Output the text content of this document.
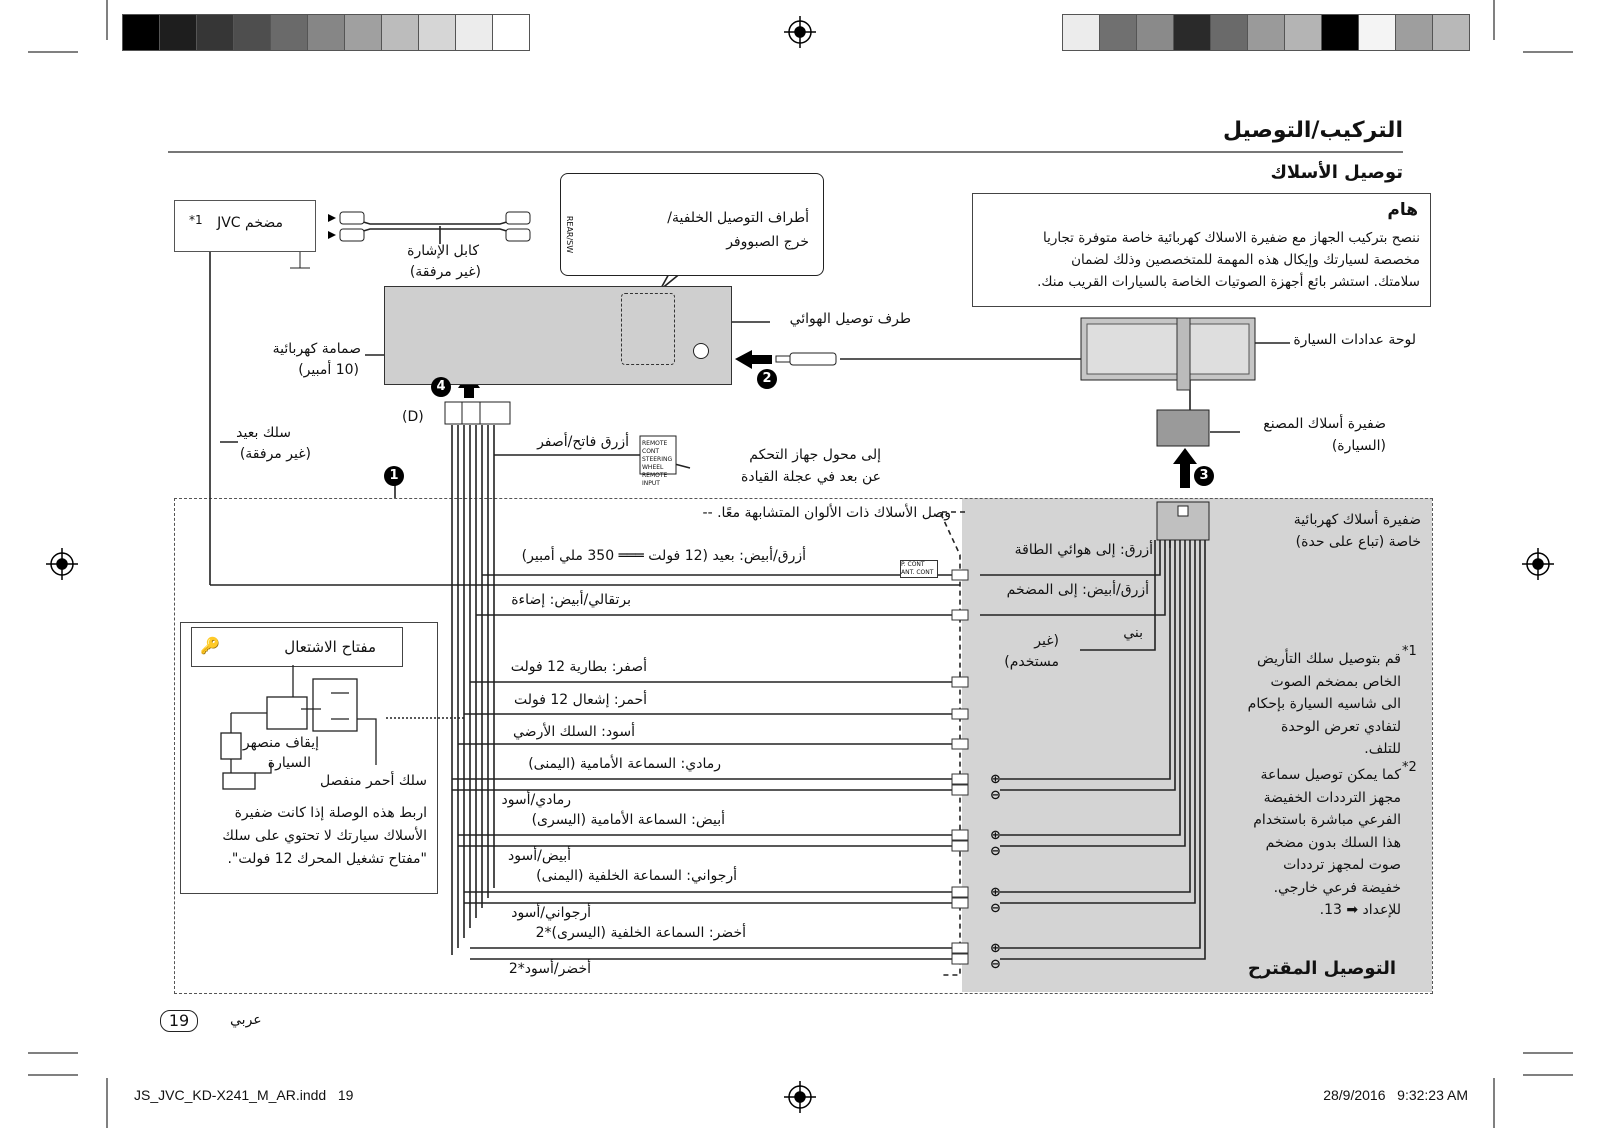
التركيب/التوصيل
توصيل الأسلاك
هام
ننصح بتركيب الجهاز مع ضفيرة الاسلاك كهربائية خاصة متوفرة تجاريا
مخصصة لسيارتك وإيكال هذه المهمة للمتخصصين وذلك لضمان
سلامتك. استشر بائع أجهزة الصوتيات الخاصة بالسيارات القريب منك.
⊕
⊖
⊕
⊖
⊕
⊖
⊕
⊖
مضخم JVC
*1	أطراف التوصيل الخلفية/
خرج الصبووفر
REAR/SW
كابل الإشارة
(غير مرفقة)
طرف توصيل الهوائي
صمامة كهربائية
(10 أمبير)
لوحة عدادات السيارة
ضفيرة أسلاك المصنع
(السيارة)
سلك بعيد
(غير مرفقة)
أزرق فاتح/أصفر
إلى محول جهاز التحكم
عن بعد في عجلة القيادة
(D)
REMOTE CONT
STEERING WHEEL REMOTE INPUT
P. CONT ANT. CONT
1
2
3
4
وصل الأسلاك ذات الألوان المتشابهة معًا. --
أزرق/أبيض: بعيد (12 فولت ═══ 350 ملي أمبير)
برتقالي/أبيض: إضاءة
أصفر: بطارية 12 فولت
أحمر: إشعال 12 فولت
أسود: السلك الأرضي
رمادي: السماعة الأمامية (اليمنى)
رمادي/أسود
أبيض: السماعة الأمامية (اليسرى)
أبيض/أسود
أرجواني: السماعة الخلفية (اليمنى)
أرجواني/أسود
أخضر: السماعة الخلفية (اليسرى)*2
أخضر/أسود*2
أزرق: إلى هوائي الطاقة
أزرق/أبيض: إلى المضخم
بني
(غير
مستخدم)
ضفيرة أسلاك كهربائية
خاصة (تباع على حدة)
*1
قم بتوصيل سلك التأريض
الخاص بمضخم الصوت
الى شاسيه السيارة بإحكام
لتفادي تعرض الوحدة
للتلف.
*2
كما يمكن توصيل سماعة
مجهز الترددات الخفيضة
الفرعي مباشرة باستخدام
هذا السلك بدون مضخم
صوت لمجهز ترددات
خفيضة فرعي خارجي.
للإعداد ➡ 13.
التوصيل المقترح
🔑	مفتاح الاشتعال
إيقاف منصهر
السيارة
سلك أحمر منفصل
اربط هذه الوصلة إذا كانت ضفيرة
الأسلاك سيارتك لا تحتوي على سلك
"مفتاح تشغيل المحرك 12 فولت".
19	عربي
JS_JVC_KD-X241_M_AR.indd   19	28/9/2016   9:32:23 AM
